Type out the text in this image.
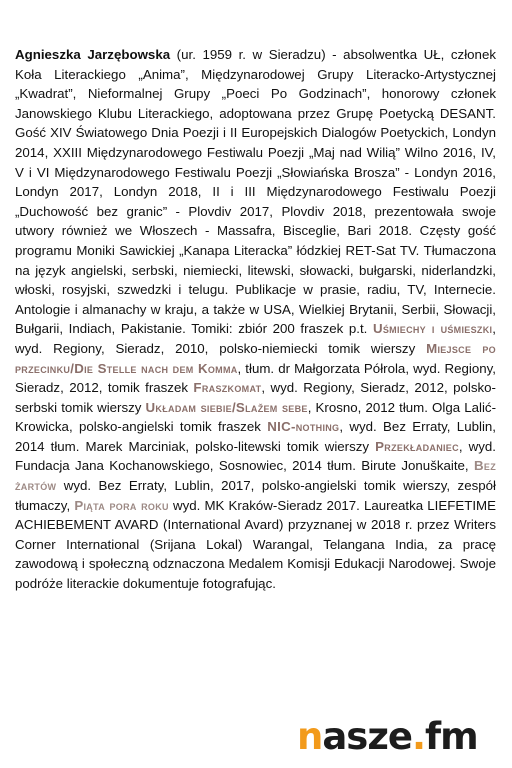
Agnieszka Jarzębowska (ur. 1959 r. w Sieradzu) - absolwentka UŁ, członek Koła Literackiego „Anima”, Międzynarodowej Grupy Literacko-Artystycznej „Kwadrat”, Nieformalnej Grupy „Poeci Po Godzinach”, honorowy członek Janowskiego Klubu Literackiego, adoptowana przez Grupę Poetycką DESANT. Gość XIV Światowego Dnia Poezji i II Europejskich Dialogów Poetyckich, Londyn 2014, XXIII Międzynarodowego Festiwalu Poezji „Maj nad Wilią” Wilno 2016, IV, V i VI Międzynarodowego Festiwalu Poezji „Słowiańska Brosza” - Londyn 2016, Londyn 2017, Londyn 2018, II i III Międzynarodowego Festiwalu Poezji „Duchowość bez granic” - Plovdiv 2017, Plovdiv 2018, prezentowała swoje utwory również we Włoszech - Massafra, Bisceglie, Bari 2018. Częsty gość programu Moniki Sawickiej „Kanapa Literacka” łódzkiej RET-Sat TV. Tłumaczona na język angielski, serbski, niemiecki, litewski, słowacki, bułgarski, niderlandzki, włoski, rosyjski, szwedzki i telugu. Publikacje w prasie, radiu, TV, Internecie. Antologie i almanachy w kraju, a także w USA, Wielkiej Brytanii, Serbii, Słowacji, Bułgarii, Indiach, Pakistanie. Tomiki: zbiór 200 fraszek p.t. Uśmiechy i uśmieszki, wyd. Regiony, Sieradz, 2010, polsko-niemiecki tomik wierszy Miejsce po przecinku/Die Stelle nach dem Komma, tłum. dr Małgorzata Półrola, wyd. Regiony, Sieradz, 2012, tomik fraszek Fraszkomat, wyd. Regiony, Sieradz, 2012, polsko-serbski tomik wierszy Układam siebie/Slažem sebe, Krosno, 2012 tłum. Olga Lalić-Krowicka, polsko-angielski tomik fraszek NIC-nothing, wyd. Bez Erraty, Lublin, 2014 tłum. Marek Marciniak, polsko-litewski tomik wierszy Przekładaniec, wyd. Fundacja Jana Kochanowskiego, Sosnowiec, 2014 tłum. Birute Jonuškaite, Bez żartów wyd. Bez Erraty, Lublin, 2017, polsko-angielski tomik wierszy, zespół tłumaczy, Piąta pora roku wyd. MK Kraków-Sieradz 2017. Laureatka LIEFETIME ACHIEBEMENT AVARD (International Avard) przyznanej w 2018 r. przez Writers Corner International (Srijana Lokal) Warangal, Telangana India, za pracę zawodową i społeczną odznaczona Medalem Komisji Edukacji Narodowej. Swoje podróże literackie dokumentuje fotografując.

nasze.fm
